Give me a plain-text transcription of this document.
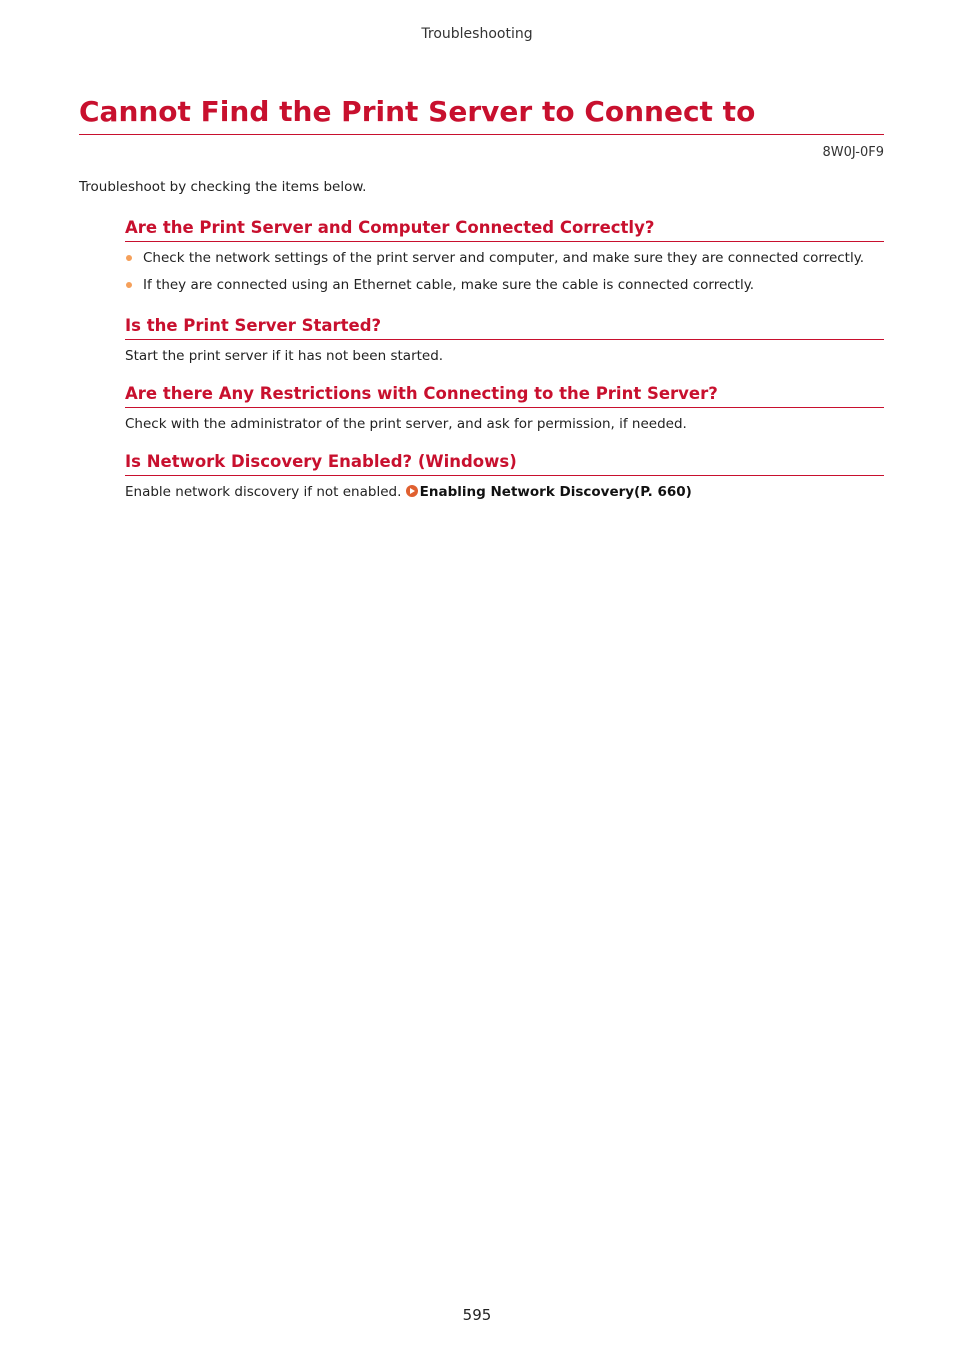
Troubleshooting
Cannot Find the Print Server to Connect to
8W0J-0F9

Troubleshoot by checking the items below.

Are the Print Server and Computer Connected Correctly?
Check the network settings of the print server and computer, and make sure they are connected correctly.
If they are connected using an Ethernet cable, make sure the cable is connected correctly.
Is the Print Server Started?

Start the print server if it has not been started.

Are there Any Restrictions with Connecting to the Print Server?

Check with the administrator of the print server, and ask for permission, if needed.

Is Network Discovery Enabled? (Windows)

Enable network discovery if not enabled. Enabling Network Discovery(P. 660)

595
